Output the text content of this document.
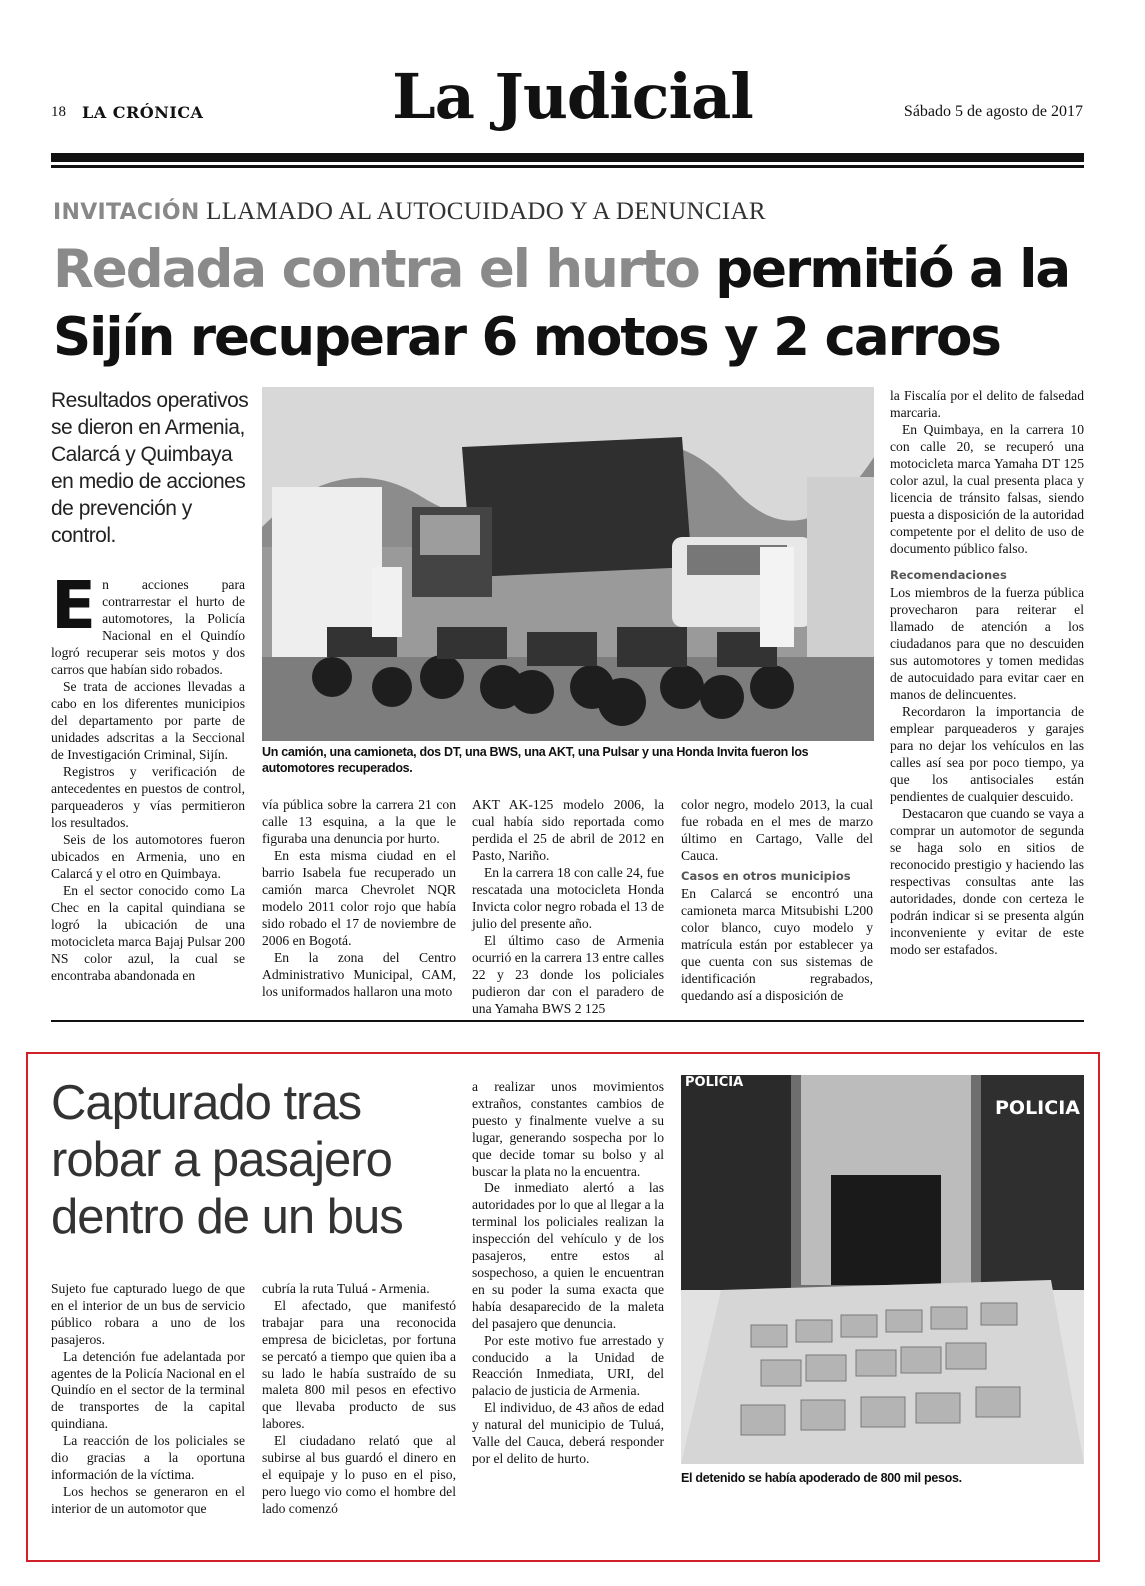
18 LA CRÓNICA	La Judicial	Sábado 5 de agosto de 2017
INVITACIÓN LLAMADO AL AUTOCUIDADO Y A DENUNCIAR
Redada contra el hurto permitió a la Sijín recuperar 6 motos y 2 carros
Resultados operativos se dieron en Armenia, Calarcá y Quimbaya en medio de acciones de prevención y control.
Un camión, una camioneta, dos DT, una BWS, una AKT, una Pulsar y una Honda Invita fueron los automotores recuperados.
E n acciones para contrarrestar el hurto de automotores, la Policía Nacional en el Quindío logró recuperar seis motos y dos carros que habían sido robados.

Se trata de acciones llevadas a cabo en los diferentes municipios del departamento por parte de unidades adscritas a la Seccional de Investigación Criminal, Sijín.

Registros y verificación de antecedentes en puestos de control, parqueaderos y vías permitieron los resultados.

Seis de los automotores fueron ubicados en Armenia, uno en Calarcá y el otro en Quimbaya.

En el sector conocido como La Chec en la capital quindiana se logró la ubicación de una motocicleta marca Bajaj Pulsar 200 NS color azul, la cual se encontraba abandonada en

vía pública sobre la carrera 21 con calle 13 esquina, a la que le figuraba una denuncia por hurto.

En esta misma ciudad en el barrio Isabela fue recuperado un camión marca Chevrolet NQR modelo 2011 color rojo que había sido robado el 17 de noviembre de 2006 en Bogotá.

En la zona del Centro Administrativo Municipal, CAM, los uniformados hallaron una moto

AKT AK-125 modelo 2006, la cual había sido reportada como perdida el 25 de abril de 2012 en Pasto, Nariño.

En la carrera 18 con calle 24, fue rescatada una motocicleta Honda Invicta color negro robada el 13 de julio del presente año.

El último caso de Armenia ocurrió en la carrera 13 entre calles 22 y 23 donde los policiales pudieron dar con el paradero de una Yamaha BWS 2 125

color negro, modelo 2013, la cual fue robada en el mes de marzo último en Cartago, Valle del Cauca.

Casos en otros municipios

En Calarcá se encontró una camioneta marca Mitsubishi L200 color blanco, cuyo modelo y matrícula están por establecer ya que cuenta con sus sistemas de identificación regrabados, quedando así a disposición de

la Fiscalía por el delito de falsedad marcaria.

En Quimbaya, en la carrera 10 con calle 20, se recuperó una motocicleta marca Yamaha DT 125 color azul, la cual presenta placa y licencia de tránsito falsas, siendo puesta a disposición de la autoridad competente por el delito de uso de documento público falso.

Recomendaciones

Los miembros de la fuerza pública provecharon para reiterar el llamado de atención a los ciudadanos para que no descuiden sus automotores y tomen medidas de autocuidado para evitar caer en manos de delincuentes.

Recordaron la importancia de emplear parqueaderos y garajes para no dejar los vehículos en las calles así sea por poco tiempo, ya que los antisociales están pendientes de cualquier descuido.

Destacaron que cuando se vaya a comprar un automotor de segunda se haga solo en sitios de reconocido prestigio y haciendo las respectivas consultas ante las autoridades, donde con certeza le podrán indicar si se presenta algún inconveniente y evitar de este modo ser estafados.

Capturado tras robar a pasajero dentro de un bus

Sujeto fue capturado luego de que en el interior de un bus de servicio público robara a uno de los pasajeros.

La detención fue adelantada por agentes de la Policía Nacional en el Quindío en el sector de la terminal de transportes de la capital quindiana.

La reacción de los policiales se dio gracias a la oportuna información de la víctima.

Los hechos se generaron en el interior de un automotor que

cubría la ruta Tuluá - Armenia.

El afectado, que manifestó trabajar para una reconocida empresa de bicicletas, por fortuna se percató a tiempo que quien iba a su lado le había sustraído de su maleta 800 mil pesos en efectivo que llevaba producto de sus labores.

El ciudadano relató que al subirse al bus guardó el dinero en el equipaje y lo puso en el piso, pero luego vio como el hombre del lado comenzó

a realizar unos movimientos extraños, constantes cambios de puesto y finalmente vuelve a su lugar, generando sospecha por lo que decide tomar su bolso y al buscar la plata no la encuentra.

De inmediato alertó a las autoridades por lo que al llegar a la terminal los policiales realizan la inspección del vehículo y de los pasajeros, entre estos al sospechoso, a quien le encuentran en su poder la suma exacta que había desaparecido de la maleta del pasajero que denuncia.

Por este motivo fue arrestado y conducido a la Unidad de Reacción Inmediata, URI, del palacio de justicia de Armenia.

El individuo, de 43 años de edad y natural del municipio de Tuluá, Valle del Cauca, deberá responder por el delito de hurto.

POLICIA
POLICIA
El detenido se había apoderado de 800 mil pesos.
